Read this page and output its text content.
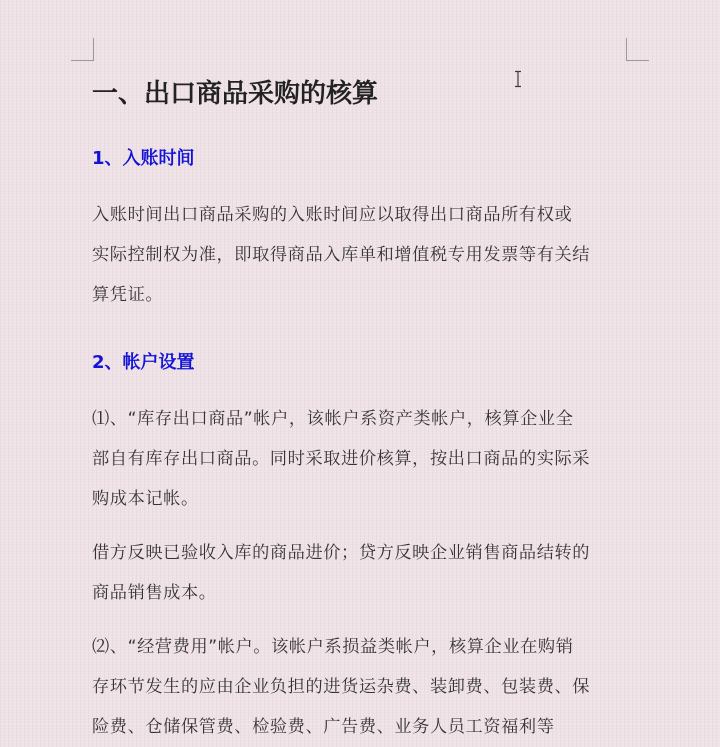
一、出口商品采购的核算
1、入账时间

入账时间出口商品采购的入账时间应以取得出口商品所有权或
实际控制权为准，即取得商品入库单和增值税专用发票等有关结
算凭证。

2、帐户设置

⑴、“库存出口商品”帐户，该帐户系资产类帐户，核算企业全
部自有库存出口商品。同时采取进价核算，按出口商品的实际采
购成本记帐。

借方反映已验收入库的商品进价；贷方反映企业销售商品结转的
商品销售成本。

⑵、“经营费用”帐户。该帐户系损益类帐户，核算企业在购销
存环节发生的应由企业负担的进货运杂费、装卸费、包装费、保
险费、仓储保管费、检验费、广告费、业务人员工资福利等
